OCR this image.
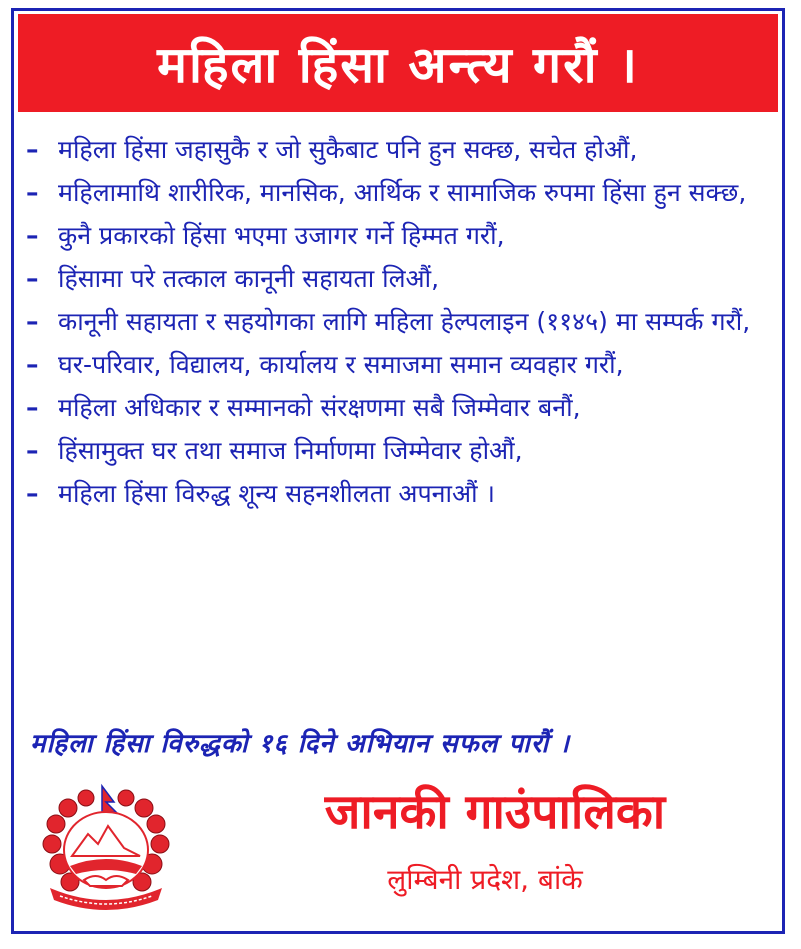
महिला हिंसा अन्त्य गरौं ।
– महिला हिंसा जहासुकै र जो सुकैबाट पनि हुन सक्छ, सचेत होऔं,
– महिलामाथि शारीरिक, मानसिक, आर्थिक र सामाजिक रुपमा हिंसा हुन सक्छ,
– कुनै प्रकारको हिंसा भएमा उजागर गर्ने हिम्मत गरौं,
– हिंसामा परे तत्काल कानूनी सहायता लिऔं,
– कानूनी सहायता र सहयोगका लागि महिला हेल्पलाइन (११४५) मा सम्पर्क गरौं,
– घर-परिवार, विद्यालय, कार्यालय र समाजमा समान व्यवहार गरौं,
– महिला अधिकार र सम्मानको संरक्षणमा सबै जिम्मेवार बनौं,
– हिंसामुक्त घर तथा समाज निर्माणमा जिम्मेवार होऔं,
– महिला हिंसा विरुद्ध शून्य सहनशीलता अपनाऔं ।
महिला हिंसा विरुद्धको १६ दिने अभियान सफल पारौं ।
जानकी गाउंपालिका
लुम्बिनी प्रदेश, बांके
